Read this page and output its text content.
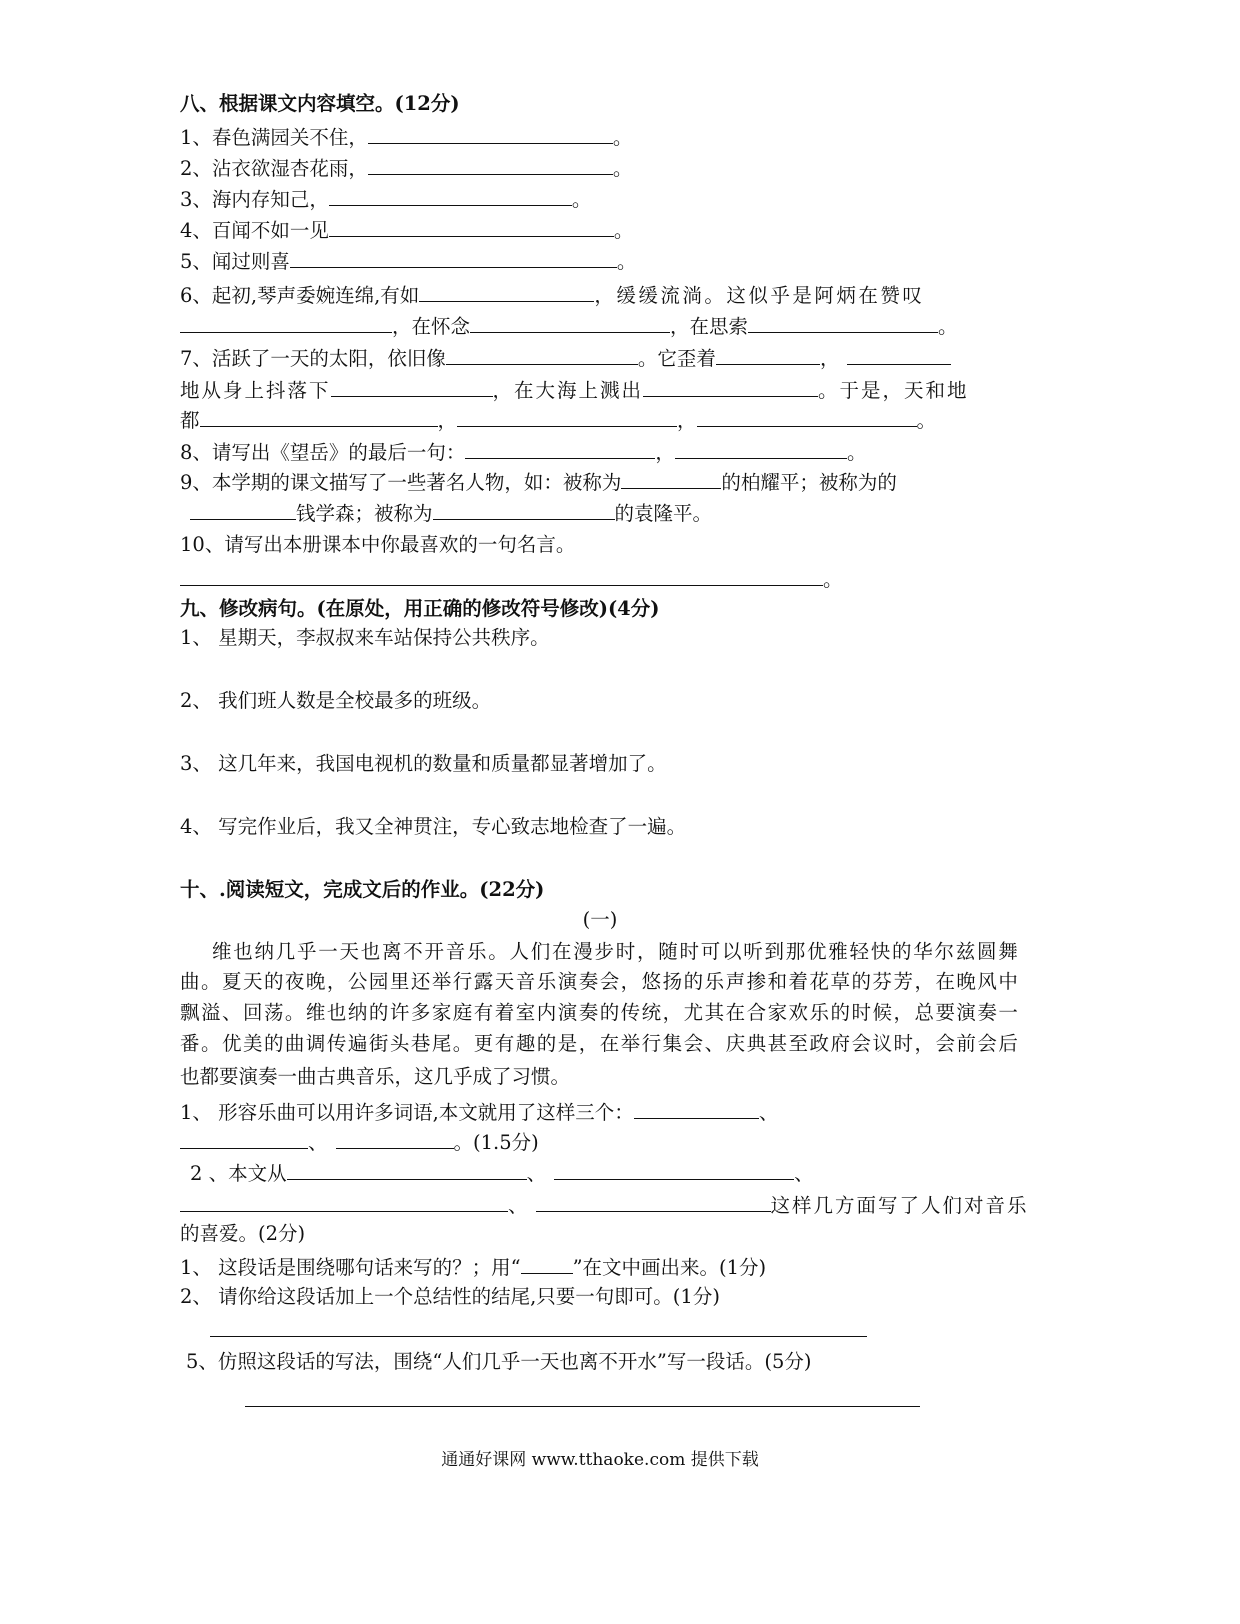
八、根据课文内容填空。(12分)
1、春色满园关不住，	。
2、沾衣欲湿杏花雨，	。
3、海内存知己，	。
4、百闻不如一见	。
5、闻过则喜	。
6、起初,琴声委婉连绵,有如	，缓缓流淌。这似乎是阿炳在赞叹
，在怀念	，在思索	。
7、活跃了一天的太阳，依旧像	。它歪着	，
地从身上抖落下	，在大海上溅出	。于是，天和地
都	，	，	。
8、请写出《望岳》的最后一句：	，	。
9、本学期的课文描写了一些著名人物，如：被称为	的柏耀平；被称为的
钱学森；被称为	的袁隆平。
10、请写出本册课本中你最喜欢的一句名言。
。
九、修改病句。(在原处，用正确的修改符号修改)(4分)
1、 星期天，李叔叔来车站保持公共秩序。
2、 我们班人数是全校最多的班级。
3、 这几年来，我国电视机的数量和质量都显著增加了。
4、 写完作业后，我又全神贯注，专心致志地检查了一遍。
十、.阅读短文，完成文后的作业。(22分)
(一)
维 也 纳 几 乎 一 天 也 离 不 开 音 乐 。 人 们 在 漫 步 时 ， 随 时 可 以 听 到 那 优 雅 轻 快 的 华 尔 兹 圆 舞
曲 。 夏 天 的 夜 晚 ， 公 园 里 还 举 行 露 天 音 乐 演 奏 会 ， 悠 扬 的 乐 声 掺 和 着 花 草 的 芬 芳 ， 在 晚 风 中
飘 溢 、 回 荡 。 维 也 纳 的 许 多 家 庭 有 着 室 内 演 奏 的 传 统 ， 尤 其 在 合 家 欢 乐 的 时 候 ， 总 要 演 奏 一
番 。 优 美 的 曲 调 传 遍 街 头 巷 尾 。 更 有 趣 的 是 ， 在 举 行 集 会 、 庆 典 甚 至 政 府 会 议 时 ， 会 前 会 后
也都要演奏一曲古典音乐，这几乎成了习惯。
1、 形容乐曲可以用许多词语,本文就用了这样三个：	、
、	。(1.5分)
2 、本文从	、	、
、	这样几方面写了人们对音乐
的喜爱。(2分)
1、 这段话是围绕哪句话来写的？；用“	”在文中画出来。(1分)
2、 请你给这段话加上一个总结性的结尾,只要一句即可。(1分)
5、仿照这段话的写法，围绕“人们几乎一天也离不开水”写一段话。(5分)
通通好课网 www.tthaoke.com 提供下载
